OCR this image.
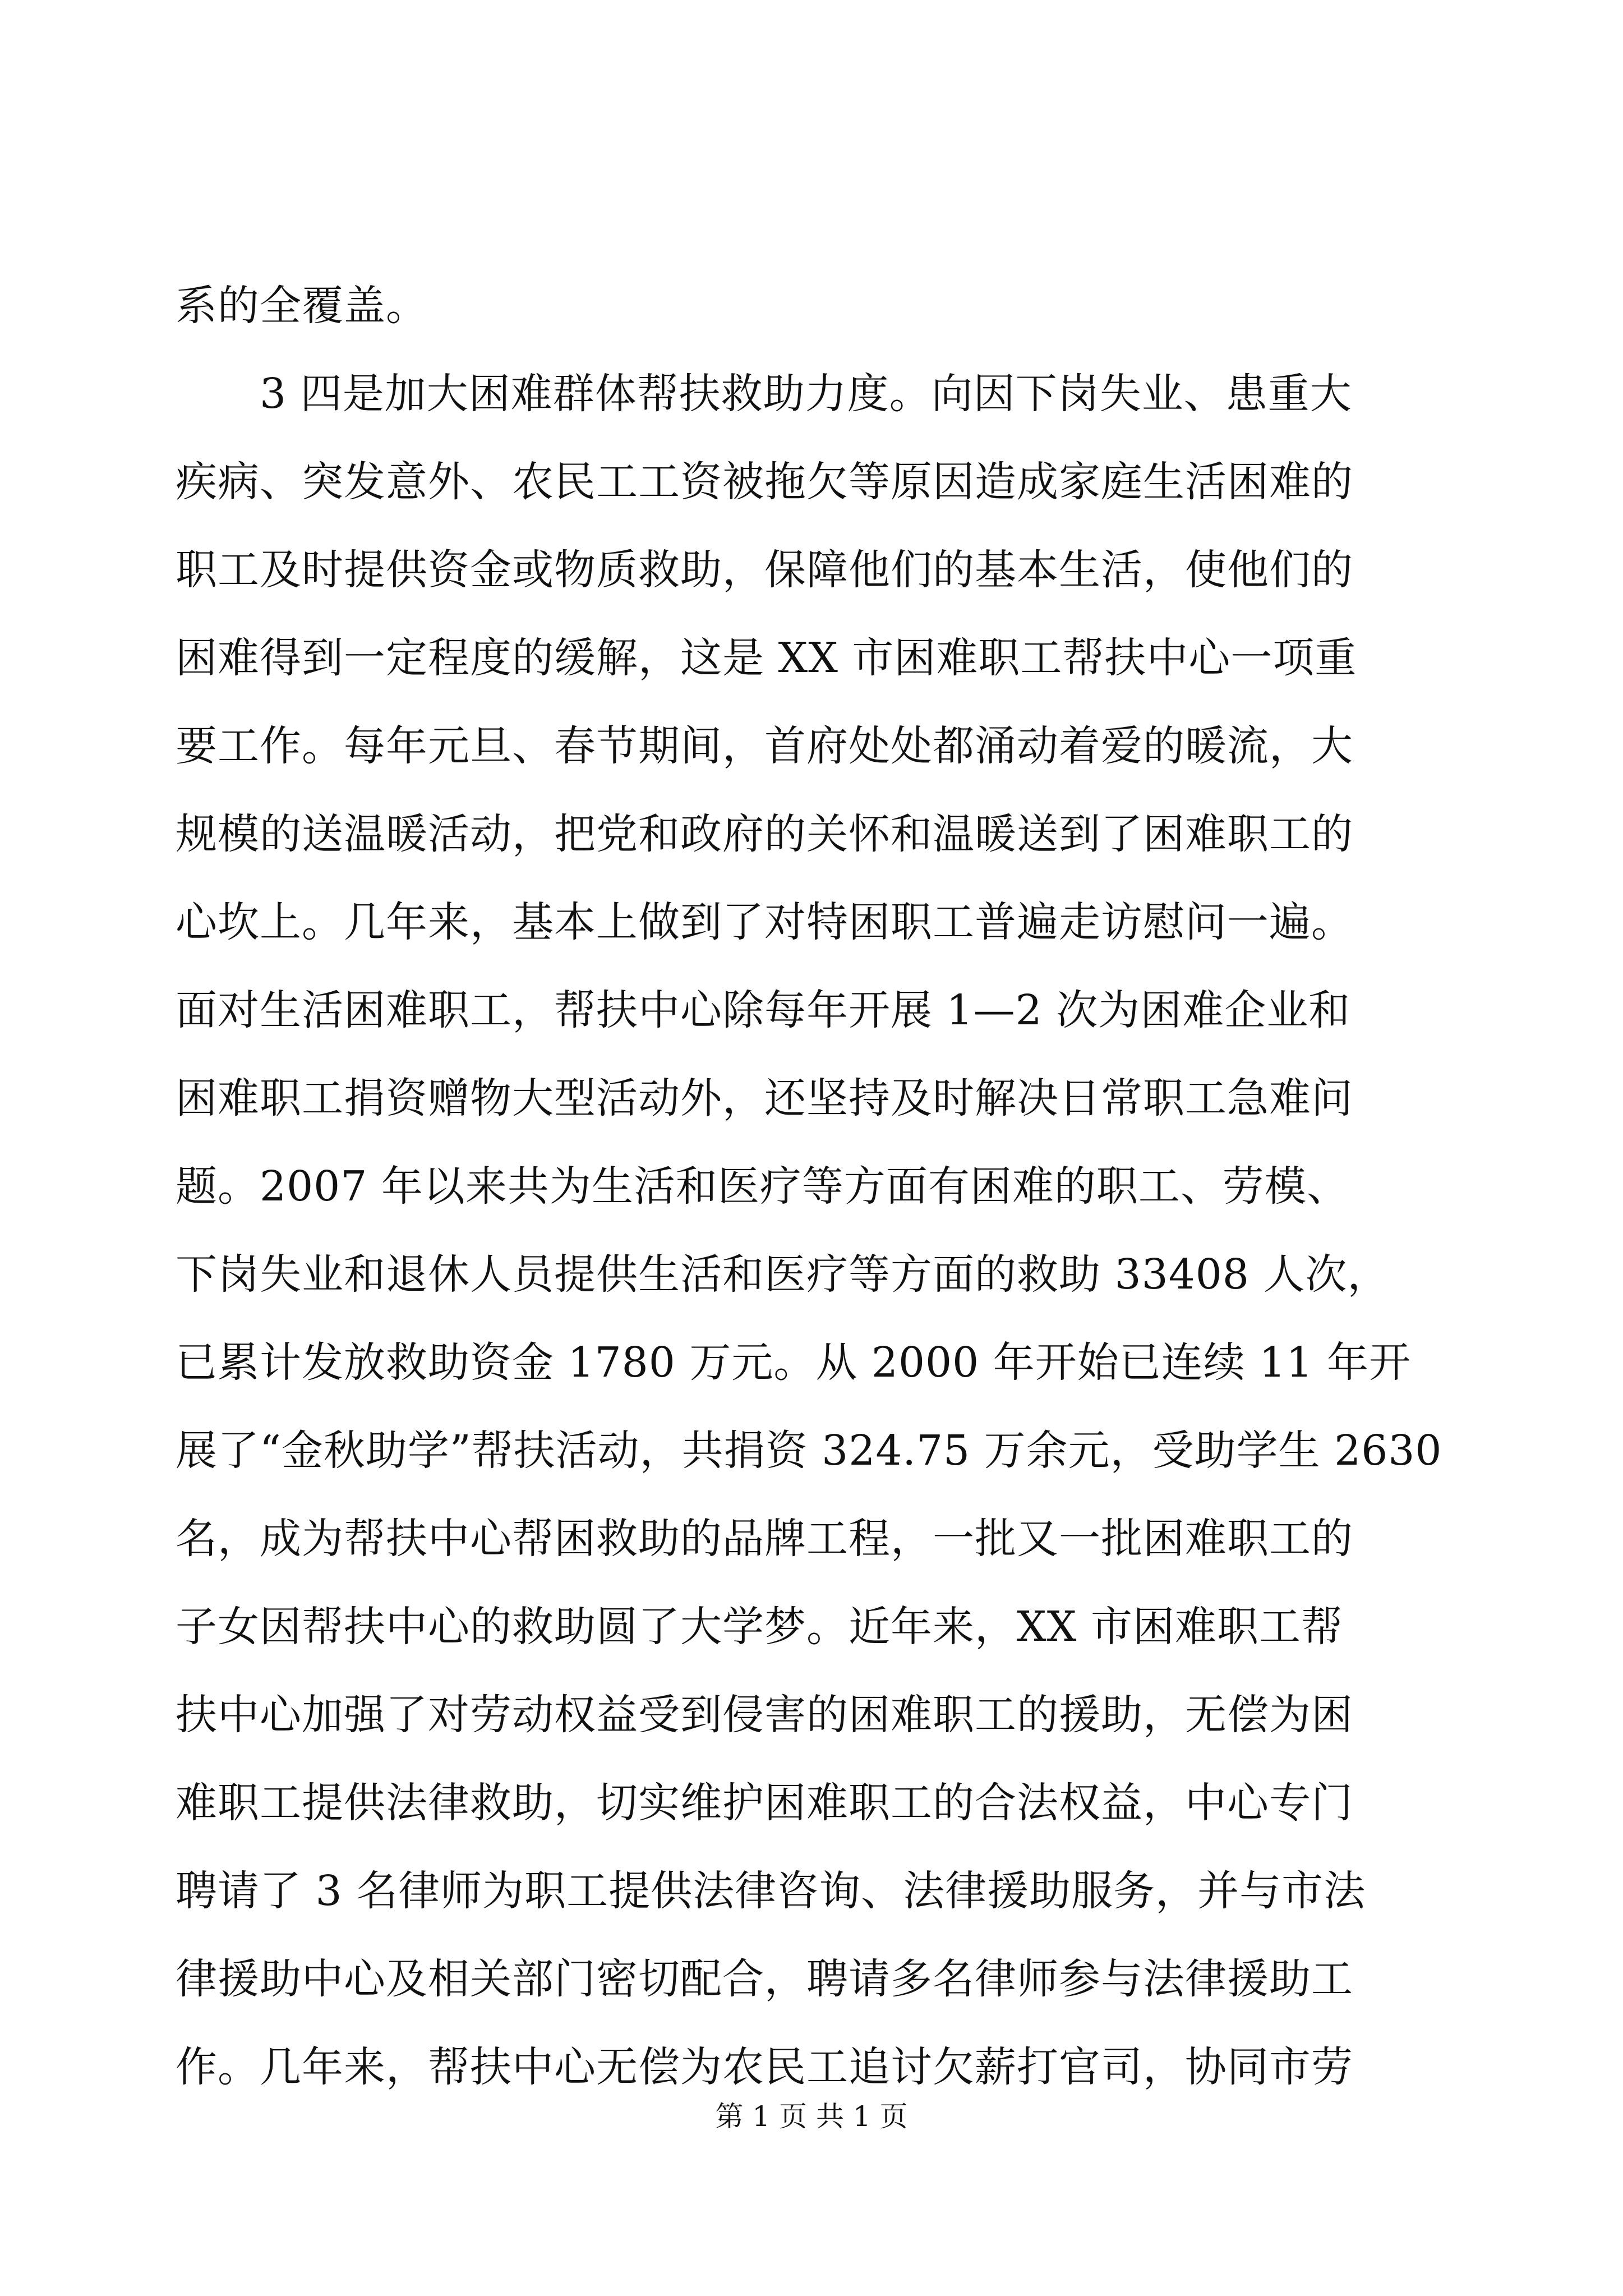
系的全覆盖。
　　3 四是加大困难群体帮扶救助力度。向因下岗失业、患重大
疾病、突发意外、农民工工资被拖欠等原因造成家庭生活困难的
职工及时提供资金或物质救助，保障他们的基本生活，使他们的
困难得到一定程度的缓解，这是 XX 市困难职工帮扶中心一项重
要工作。每年元旦、春节期间，首府处处都涌动着爱的暖流，大
规模的送温暖活动，把党和政府的关怀和温暖送到了困难职工的
心坎上。几年来，基本上做到了对特困职工普遍走访慰问一遍。
面对生活困难职工，帮扶中心除每年开展 1—2 次为困难企业和
困难职工捐资赠物大型活动外，还坚持及时解决日常职工急难问
题。2007 年以来共为生活和医疗等方面有困难的职工、劳模、
下岗失业和退休人员提供生活和医疗等方面的救助 33408 人次，
已累计发放救助资金 1780 万元。从 2000 年开始已连续 11 年开
展了“金秋助学”帮扶活动，共捐资 324.75 万余元，受助学生 2630
名，成为帮扶中心帮困救助的品牌工程，一批又一批困难职工的
子女因帮扶中心的救助圆了大学梦。近年来，XX 市困难职工帮
扶中心加强了对劳动权益受到侵害的困难职工的援助，无偿为困
难职工提供法律救助，切实维护困难职工的合法权益，中心专门
聘请了 3 名律师为职工提供法律咨询、法律援助服务，并与市法
律援助中心及相关部门密切配合，聘请多名律师参与法律援助工
作。几年来，帮扶中心无偿为农民工追讨欠薪打官司，协同市劳
第 1 页 共 1 页
